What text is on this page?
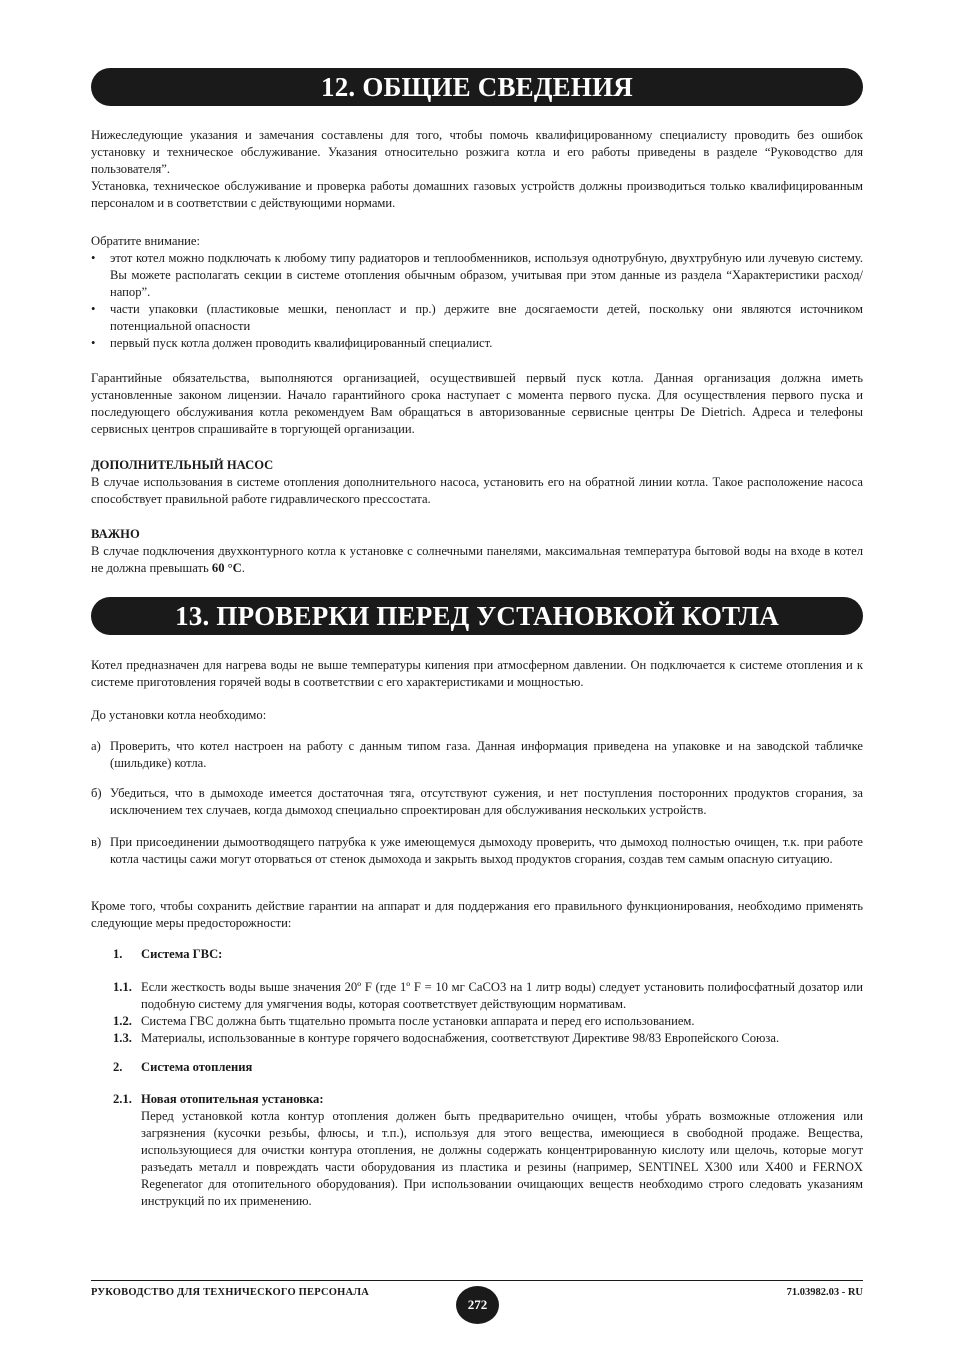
12. ОБЩИЕ СВЕДЕНИЯ

Нижеследующие указания и замечания составлены для того, чтобы помочь квалифицированному специалисту проводить без ошибок установку и техническое обслуживание. Указания относительно розжига котла и его работы приведены в разделе “Руководство для пользователя”.

Установка, техническое обслуживание и проверка работы домашних газовых устройств должны производиться только квалифицированным персоналом и в соответствии с действующими нормами.

Обратите внимание:

• этот котел можно подключать к любому типу радиаторов и теплообменников, используя однотрубную, двухтрубную или лучевую систему. Вы можете располагать секции в системе отопления обычным образом, учитывая при этом данные из раздела “Характеристики расход/напор”.

• части упаковки (пластиковые мешки, пенопласт и пр.) держите вне досягаемости детей, поскольку они являются источником потенциальной опасности

• первый пуск котла должен проводить квалифицированный специалист.

Гарантийные обязательства, выполняются организацией, осуществившей первый пуск котла. Данная организация должна иметь установленные законом лицензии. Начало гарантийного срока наступает с момента первого пуска. Для осуществления первого пуска и последующего обслуживания котла рекомендуем Вам обращаться в авторизованные сервисные центры De Dietrich. Адреса и телефоны сервисных центров спрашивайте в торгующей организации.

ДОПОЛНИТЕЛЬНЫЙ НАСОС

В случае использования в системе отопления дополнительного насоса, установить его на обратной линии котла. Такое расположение насоса способствует правильной работе гидравлического прессостата.

ВАЖНО

В случае подключения двухконтурного котла к установке с солнечными панелями, максимальная температура бытовой воды на входе в котел не должна превышать 60 °C.

13. ПРОВЕРКИ ПЕРЕД УСТАНОВКОЙ КОТЛА
Котел предназначен для нагрева воды не выше температуры кипения при атмосферном давлении. Он подключается к системе отопления и к системе приготовления горячей воды в соответствии с его характеристиками и мощностью.
До установки котла необходимо:
а) Проверить, что котел настроен на работу с данным типом газа. Данная информация приведена на упаковке и на заводской табличке (шильдике) котла.
б) Убедиться, что в дымоходе имеется достаточная тяга, отсутствуют сужения, и нет поступления посторонних продуктов сгорания, за исключением тех случаев, когда дымоход специально спроектирован для обслуживания нескольких устройств.
в) При присоединении дымоотводящего патрубка к уже имеющемуся дымоходу проверить, что дымоход полностью очищен, т.к. при работе котла частицы сажи могут оторваться от стенок дымохода и закрыть выход продуктов сгорания, создав тем самым опасную ситуацию.
Кроме того, чтобы сохранить действие гарантии на аппарат и для поддержания его правильного функционирования, необходимо применять следующие меры предосторожности:
1.	Система ГВС:
1.1. Если жесткость воды выше значения 20º F (где 1º F = 10 мг CaCO3 на 1 литр воды) следует установить полифосфатный дозатор или подобную систему для умягчения воды, которая соответствует действующим нормативам.
1.2. Система ГВС должна быть тщательно промыта после установки аппарата и перед его использованием.
1.3. Материалы, использованные в контуре горячего водоснабжения, соответствуют Директиве 98/83 Европейского Союза.
2.	Система отопления
2.1. Новая отопительная установка:
Перед установкой котла контур отопления должен быть предварительно очищен, чтобы убрать возможные отложения или загрязнения (кусочки резьбы, флюсы, и т.п.), используя для этого вещества, имеющиеся в свободной продаже. Вещества, использующиеся для очистки контура отопления, не должны содержать концентрированную кислоту или щелочь, которые могут разъедать металл и повреждать части оборудования из пластика и резины (например, SENTINEL X300 или X400 и FERNOX Regenerator для отопительного оборудования). При использовании очищающих веществ необходимо строго следовать указаниям инструкций по их применению.
РУКОВОДСТВО ДЛЯ ТЕХНИЧЕСКОГО ПЕРСОНАЛА
272
71.03982.03 - RU
